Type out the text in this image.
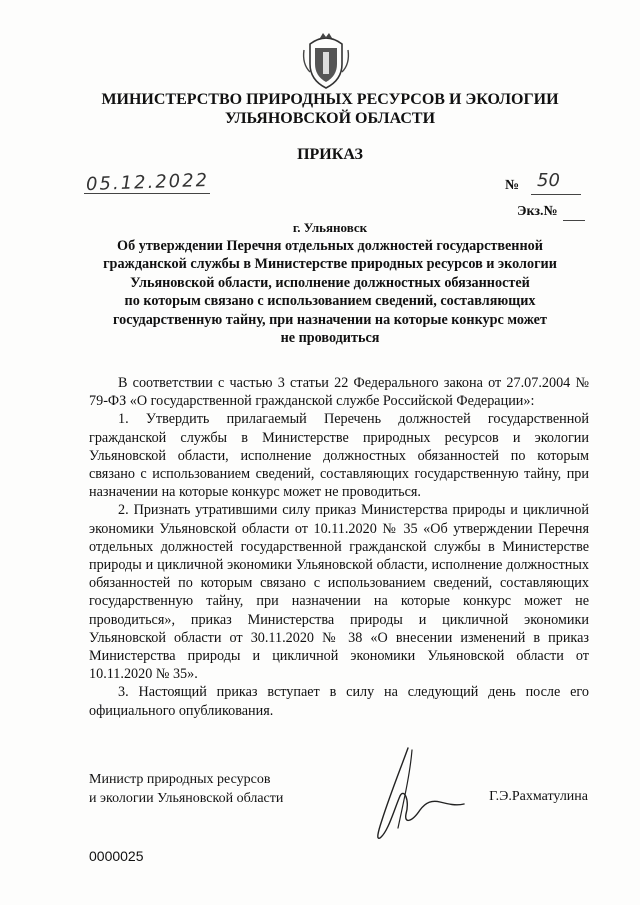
МИНИСТЕРСТВО ПРИРОДНЫХ РЕСУРСОВ И ЭКОЛОГИИ
УЛЬЯНОВСКОЙ ОБЛАСТИ
ПРИКАЗ
05.12.2022	№ 50
Экз.№
г. Ульяновск
Об утверждении Перечня отдельных должностей государственной
гражданской службы в Министерстве природных ресурсов и экологии
Ульяновской области, исполнение должностных обязанностей
по которым связано с использованием сведений, составляющих
государственную тайну, при назначении на которые конкурс может
не проводиться

В соответствии с частью 3 статьи 22 Федерального закона от 27.07.2004 № 79-ФЗ «О государственной гражданской службе Российской Федерации»:

1. Утвердить прилагаемый Перечень должностей государственной гражданской службы в Министерстве природных ресурсов и экологии Ульяновской области, исполнение должностных обязанностей по которым связано с использованием сведений, составляющих государственную тайну, при назначении на которые конкурс может не проводиться.

2. Признать утратившими силу приказ Министерства природы и цикличной экономики Ульяновской области от 10.11.2020 № 35 «Об утверждении Перечня отдельных должностей государственной гражданской службы в Министерстве природы и цикличной экономики Ульяновской области, исполнение должностных обязанностей по которым связано с использованием сведений, составляющих государственную тайну, при назначении на которые конкурс может не проводиться», приказ Министерства природы и цикличной экономики Ульяновской области от 30.11.2020 № 38 «О внесении изменений в приказ Министерства природы и цикличной экономики Ульяновской области от 10.11.2020 № 35».

3. Настоящий приказ вступает в силу на следующий день после его официального опубликования.

Министр природных ресурсов
и экологии Ульяновской области	Г.Э.Рахматулина
0000025
